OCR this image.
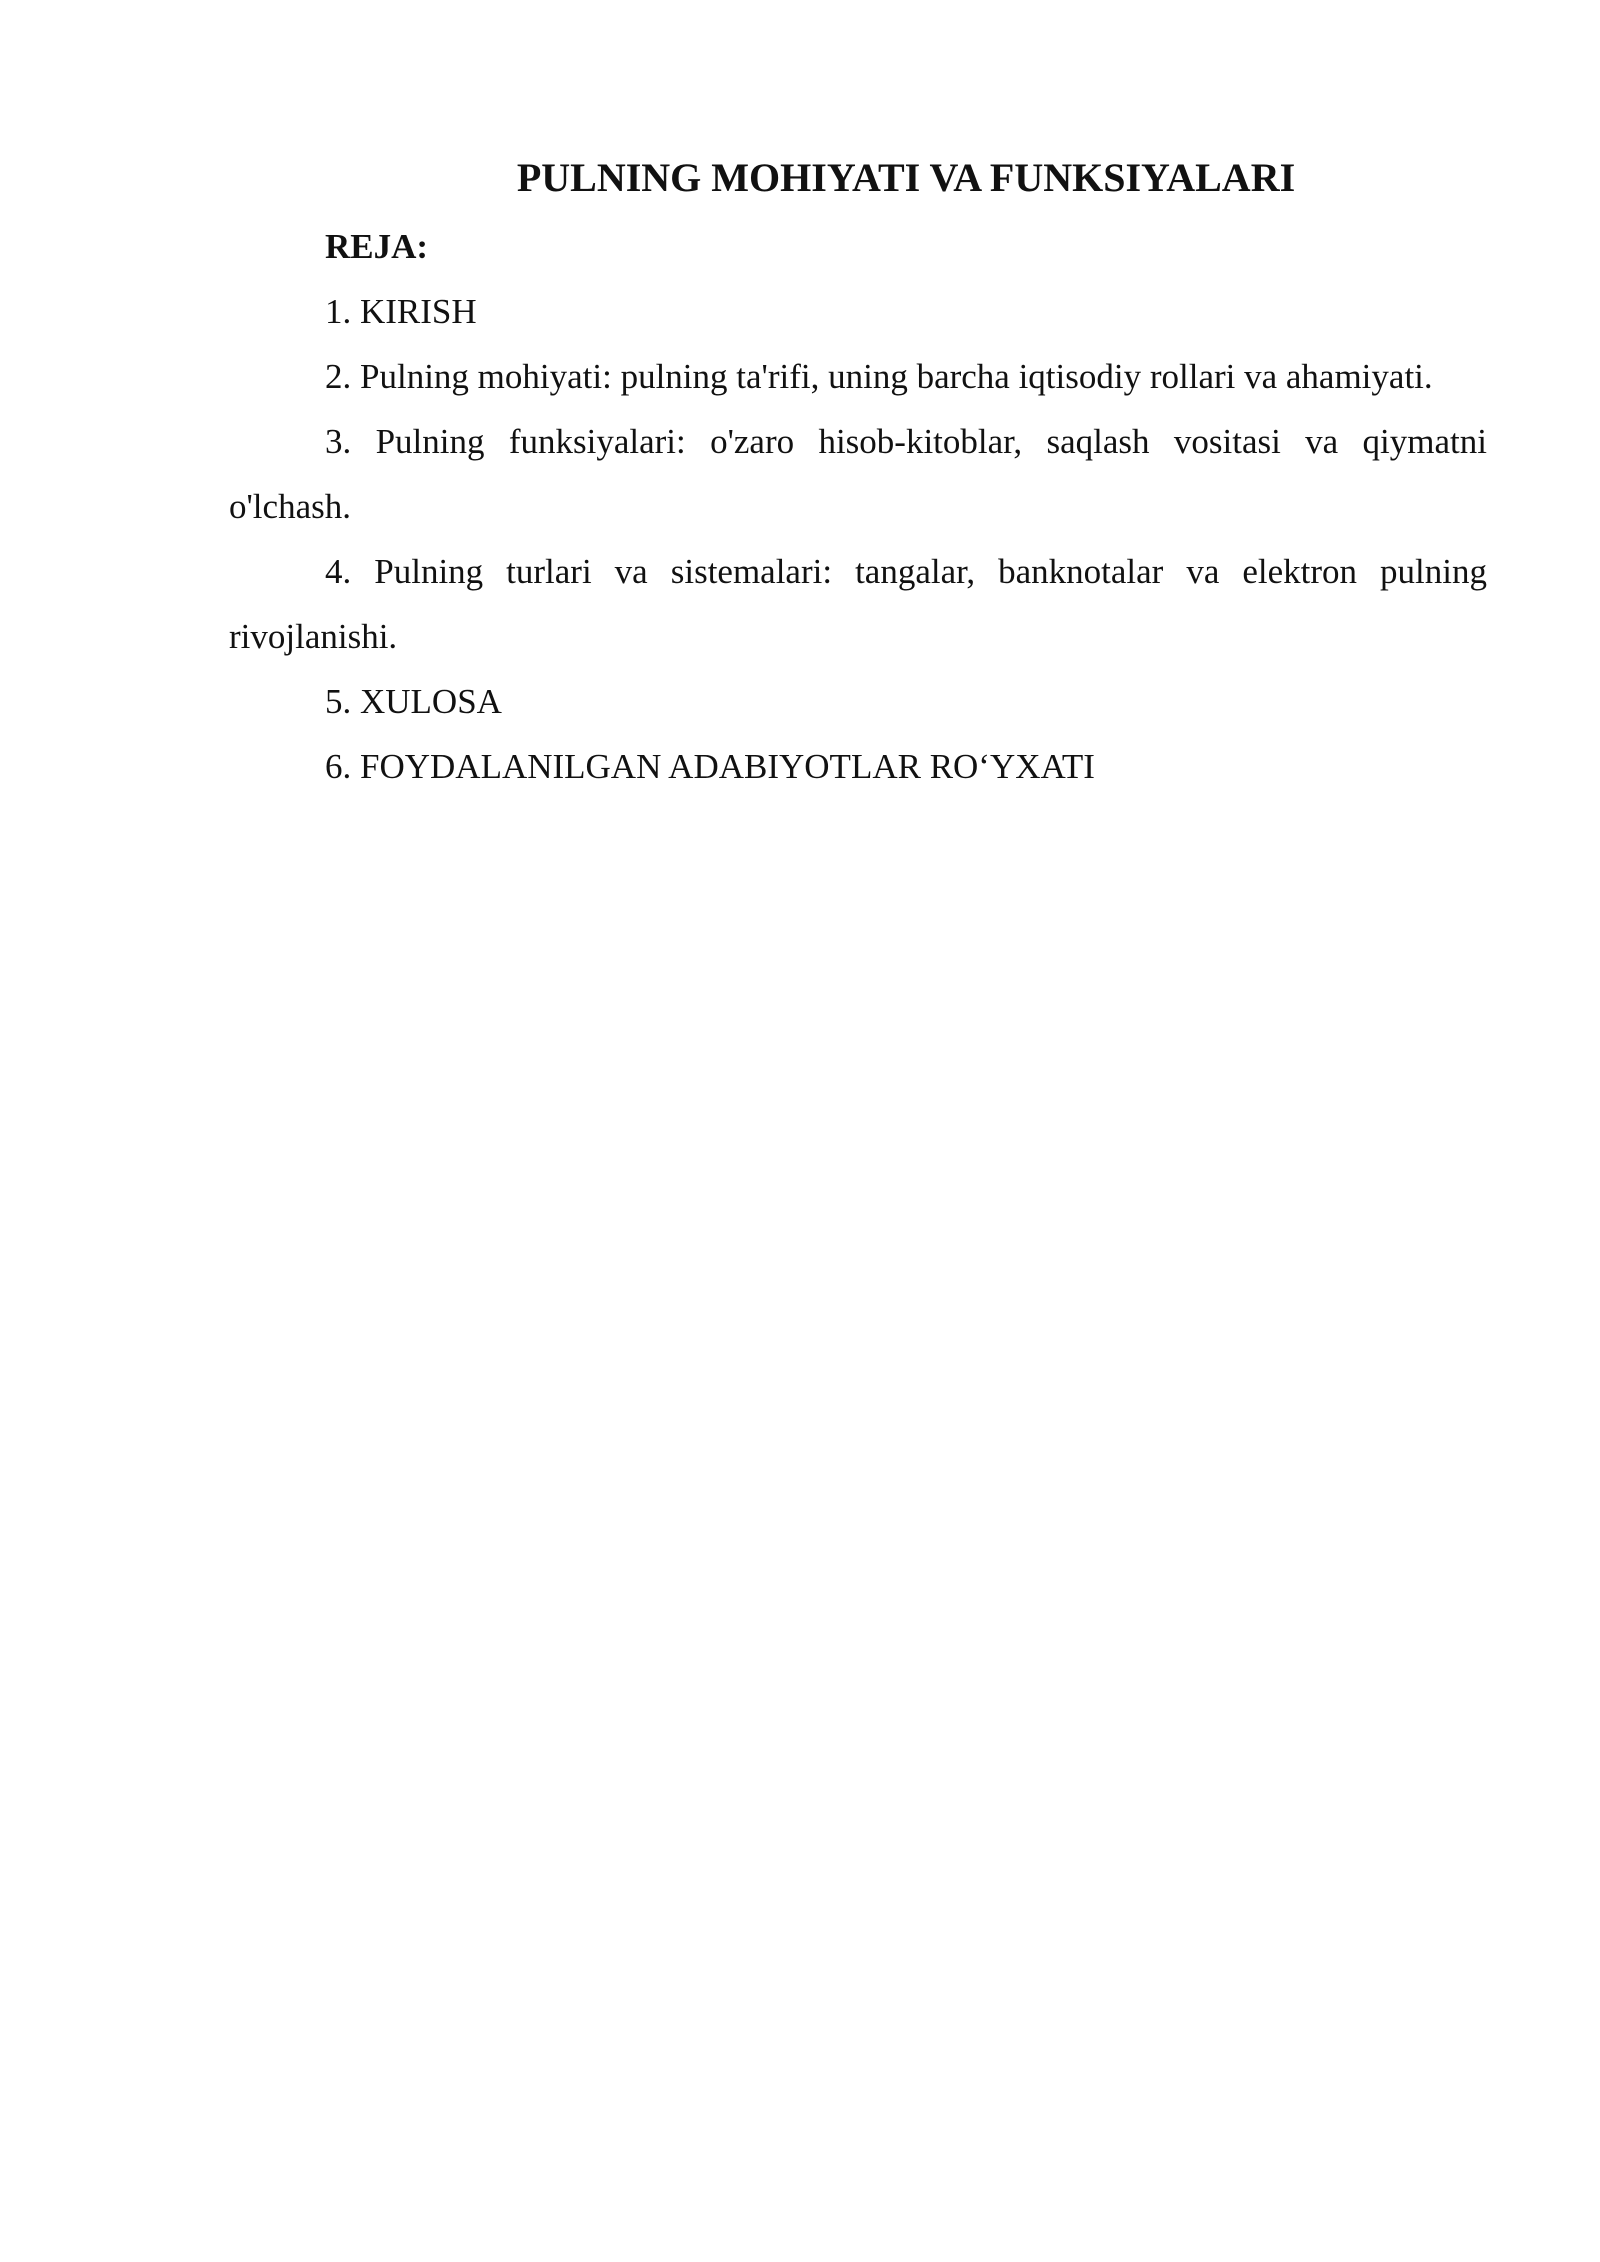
PULNING MOHIYATI VA FUNKSIYALARI

REJA:

1. KIRISH
2. Pulning mohiyati: pulning ta'rifi, uning barcha iqtisodiy rollari va ahamiyati.
3. Pulning funksiyalari: o'zaro hisob-kitoblar, saqlash vositasi va qiymatni o'lchash.
4. Pulning turlari va sistemalari: tangalar, banknotalar va elektron pulning rivojlanishi.
5. XULOSA
6. FOYDALANILGAN ADABIYOTLAR RO‘YXATI
